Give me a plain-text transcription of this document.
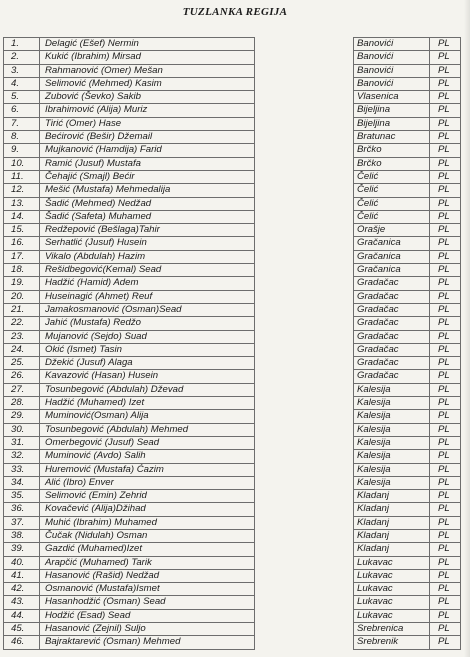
TUZLANKA REGIJA
1.	Delagić (Ešef) Nermin		Banovići	PL
2.	Kukić (Ibrahim) Mirsad		Banovići	PL
3.	Rahmanović (Omer) Mešan		Banovići	PL
4.	Selimović (Mehmed) Kasim		Banovići	PL
5.	Zubović (Ševko) Sakib		Vlasenica	PL
6.	Ibrahimović (Alija) Muriz		Bijeljina	PL
7.	Tirić (Omer) Hase		Bijeljina	PL
8.	Bećirović (Bešir) Džemail		Bratunac	PL
9.	Mujkanović (Hamdija) Farid		Brčko	PL
10.	Ramić (Jusuf) Mustafa		Brčko	PL
11.	Čehajić (Smajl) Bećir		Čelić	PL
12.	Mešić (Mustafa) Mehmedalija		Čelić	PL
13.	Šadić (Mehmed) Nedžad		Čelić	PL
14.	Šadić (Safeta) Muhamed		Čelić	PL
15.	Redžepović (Bešlaga)Tahir		Orašje	PL
16.	Serhatlić (Jusuf) Husein		Gračanica	PL
17.	Vikalo (Abdulah) Hazim		Gračanica	PL
18.	Rešidbegović(Kemal) Sead		Gračanica	PL
19.	Hadžić (Hamid) Adem		Gradačac	PL
20.	Huseinagić (Ahmet) Reuf		Gradačac	PL
21.	Jamakosmanović (Osman)Sead		Gradačac	PL
22.	Jahić (Mustafa) Redžo		Gradačac	PL
23.	Mujanović (Sejdo) Suad		Gradačac	PL
24.	Okić (Ismet) Tasin		Gradačac	PL
25.	Džekić (Jusuf) Alaga		Gradačac	PL
26.	Kavazović (Hasan) Husein		Gradačac	PL
27.	Tosunbegović (Abdulah) Dževad		Kalesija	PL
28.	Hadžić (Muhamed) Izet		Kalesija	PL
29.	Muminović(Osman) Alija		Kalesija	PL
30.	Tosunbegović (Abdulah) Mehmed		Kalesija	PL
31.	Omerbegović (Jusuf) Sead		Kalesija	PL
32.	Muminović (Avdo) Salih		Kalesija	PL
33.	Huremović (Mustafa) Ćazim		Kalesija	PL
34.	Alić (Ibro) Enver		Kalesija	PL
35.	Selimović (Emin) Zehrid		Kladanj	PL
36.	Kovačević (Alija)Džihad		Kladanj	PL
37.	Muhić (Ibrahim) Muhamed		Kladanj	PL
38.	Čučak (Nidulah) Osman		Kladanj	PL
39.	Gazdić (Muhamed)Izet		Kladanj	PL
40.	Arapčić (Muhamed) Tarik		Lukavac	PL
41.	Hasanović (Rašid) Nedžad		Lukavac	PL
42.	Osmanović (Mustafa)Ismet		Lukavac	PL
43.	Hasanhodžić (Osman) Sead		Lukavac	PL
44.	Hodžić (Esad) Sead		Lukavac	PL
45.	Hasanović (Zejnil) Suljo		Srebrenica	PL
46.	Bajraktarević (Osman) Mehmed		Srebrenik	PL
